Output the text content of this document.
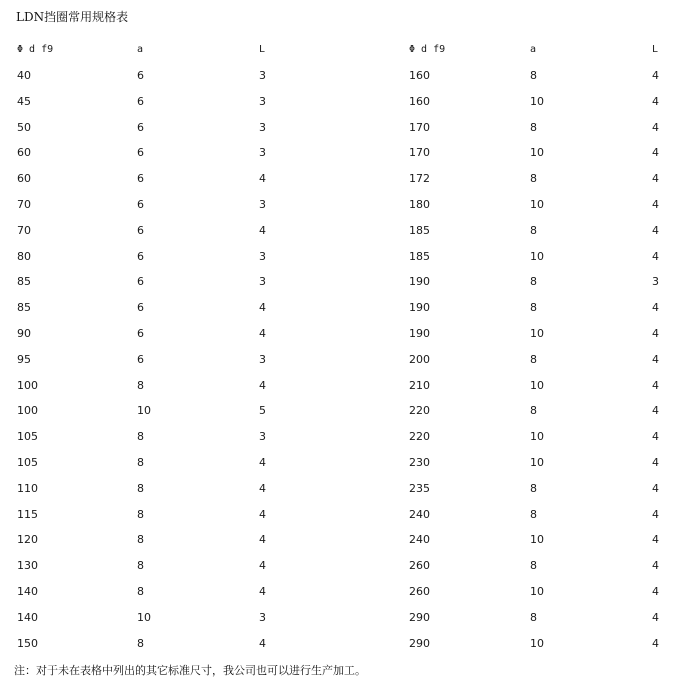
LDN挡圈常用规格表
Φ d f9	a	L	Φ d f9	a	L
40	6	3	160	8	4
45	6	3	160	10	4
50	6	3	170	8	4
60	6	3	170	10	4
60	6	4	172	8	4
70	6	3	180	10	4
70	6	4	185	8	4
80	6	3	185	10	4
85	6	3	190	8	3
85	6	4	190	8	4
90	6	4	190	10	4
95	6	3	200	8	4
100	8	4	210	10	4
100	10	5	220	8	4
105	8	3	220	10	4
105	8	4	230	10	4
110	8	4	235	8	4
115	8	4	240	8	4
120	8	4	240	10	4
130	8	4	260	8	4
140	8	4	260	10	4
140	10	3	290	8	4
150	8	4	290	10	4
注：对于未在表格中列出的其它标准尺寸，我公司也可以进行生产加工。
